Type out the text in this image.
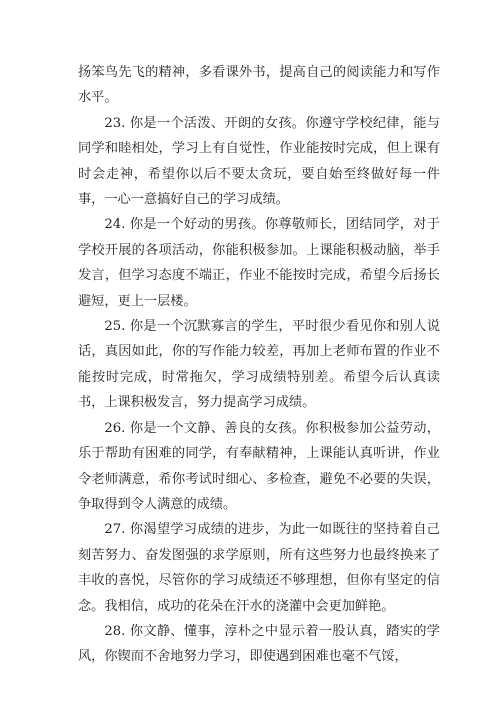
扬笨鸟先飞的精神，多看课外书，提高自己的阅读能力和写作水平。

23. 你是一个活泼、开朗的女孩。你遵守学校纪律，能与同学和睦相处，学习上有自觉性，作业能按时完成，但上课有时会走神，希望你以后不要太贪玩，要自始至终做好每一件事，一心一意搞好自己的学习成绩。

24. 你是一个好动的男孩。你尊敬师长，团结同学，对于学校开展的各项活动，你能积极参加。上课能积极动脑，举手发言，但学习态度不端正，作业不能按时完成，希望今后扬长避短，更上一层楼。

25. 你是一个沉默寡言的学生，平时很少看见你和别人说话，真因如此，你的写作能力较差，再加上老师布置的作业不能按时完成，时常拖欠，学习成绩特别差。希望今后认真读书，上课积极发言，努力提高学习成绩。

26. 你是一个文静、善良的女孩。你积极参加公益劳动，乐于帮助有困难的同学，有奉献精神，上课能认真听讲，作业令老师满意，希你考试时细心、多检查，避免不必要的失误，争取得到令人满意的成绩。

27. 你渴望学习成绩的进步，为此一如既往的坚持着自己刻苦努力、奋发图强的求学原则，所有这些努力也最终换来了丰收的喜悦，尽管你的学习成绩还不够理想，但你有坚定的信念。我相信，成功的花朵在汗水的浇灌中会更加鲜艳。

28. 你文静、懂事，淳朴之中显示着一股认真，踏实的学风，你锲而不舍地努力学习，即使遇到困难也毫不气馁，
